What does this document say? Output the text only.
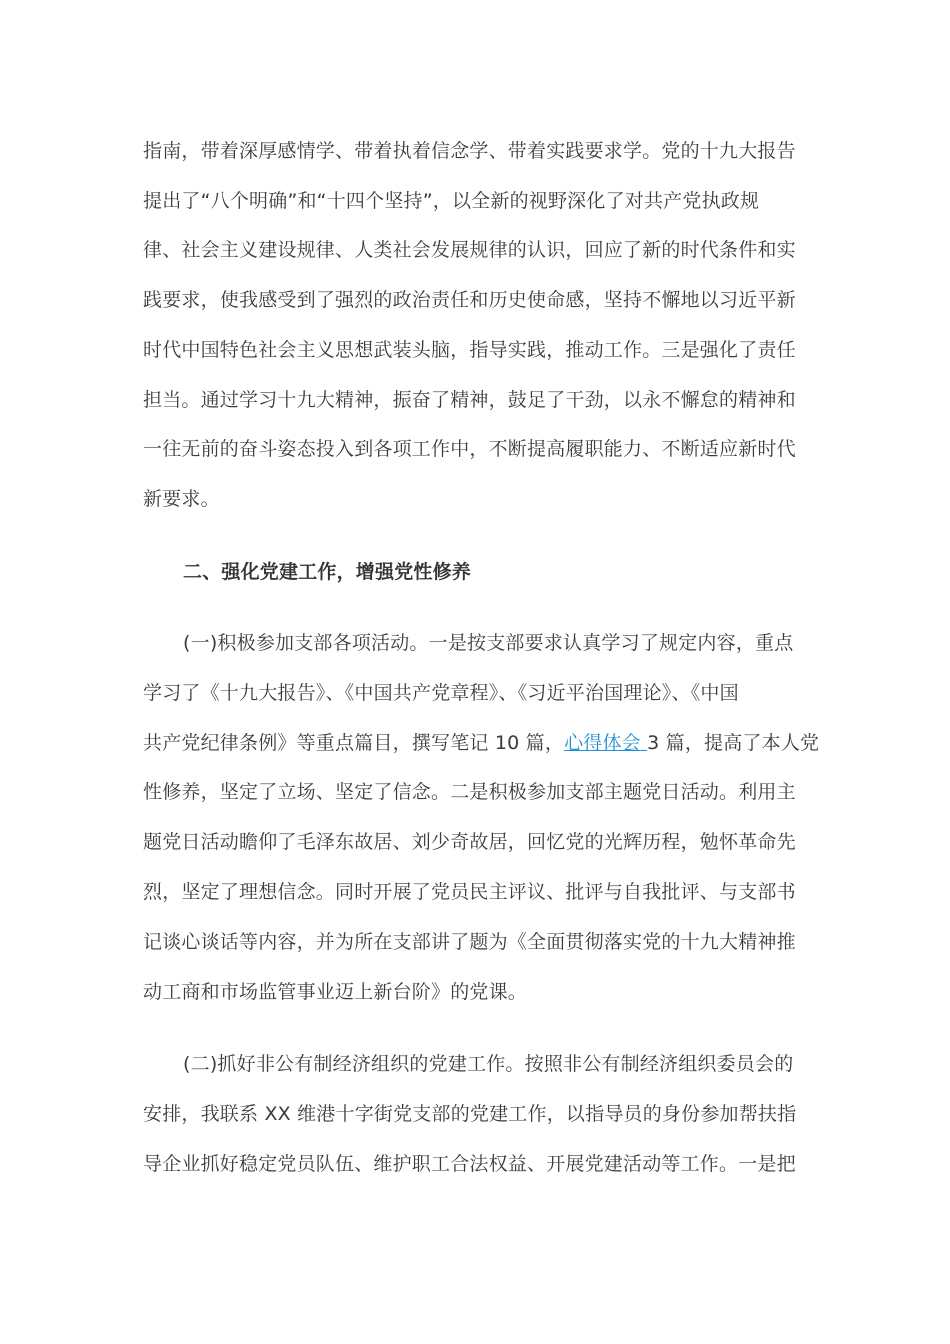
指南，带着深厚感情学、带着执着信念学、带着实践要求学。党的十九大报告
提出了“八个明确”和“十四个坚持”，以全新的视野深化了对共产党执政规
律、社会主义建设规律、人类社会发展规律的认识，回应了新的时代条件和实
践要求，使我感受到了强烈的政治责任和历史使命感，坚持不懈地以习近平新
时代中国特色社会主义思想武装头脑，指导实践，推动工作。三是强化了责任
担当。通过学习十九大精神，振奋了精神，鼓足了干劲，以永不懈怠的精神和
一往无前的奋斗姿态投入到各项工作中，不断提高履职能力、不断适应新时代
新要求。
二、强化党建工作，增强党性修养
(一)积极参加支部各项活动。一是按支部要求认真学习了规定内容，重点
学习了《十九大报告》、《中国共产党章程》、《习近平治国理论》、《中国
共产党纪律条例》等重点篇目，撰写笔记 10 篇，心得体会 3 篇，提高了本人党
性修养，坚定了立场、坚定了信念。二是积极参加支部主题党日活动。利用主
题党日活动瞻仰了毛泽东故居、刘少奇故居，回忆党的光辉历程，勉怀革命先
烈，坚定了理想信念。同时开展了党员民主评议、批评与自我批评、与支部书
记谈心谈话等内容，并为所在支部讲了题为《全面贯彻落实党的十九大精神推
动工商和市场监管事业迈上新台阶》的党课。
(二)抓好非公有制经济组织的党建工作。按照非公有制经济组织委员会的
安排，我联系 XX 维港十字街党支部的党建工作，以指导员的身份参加帮扶指
导企业抓好稳定党员队伍、维护职工合法权益、开展党建活动等工作。一是把
